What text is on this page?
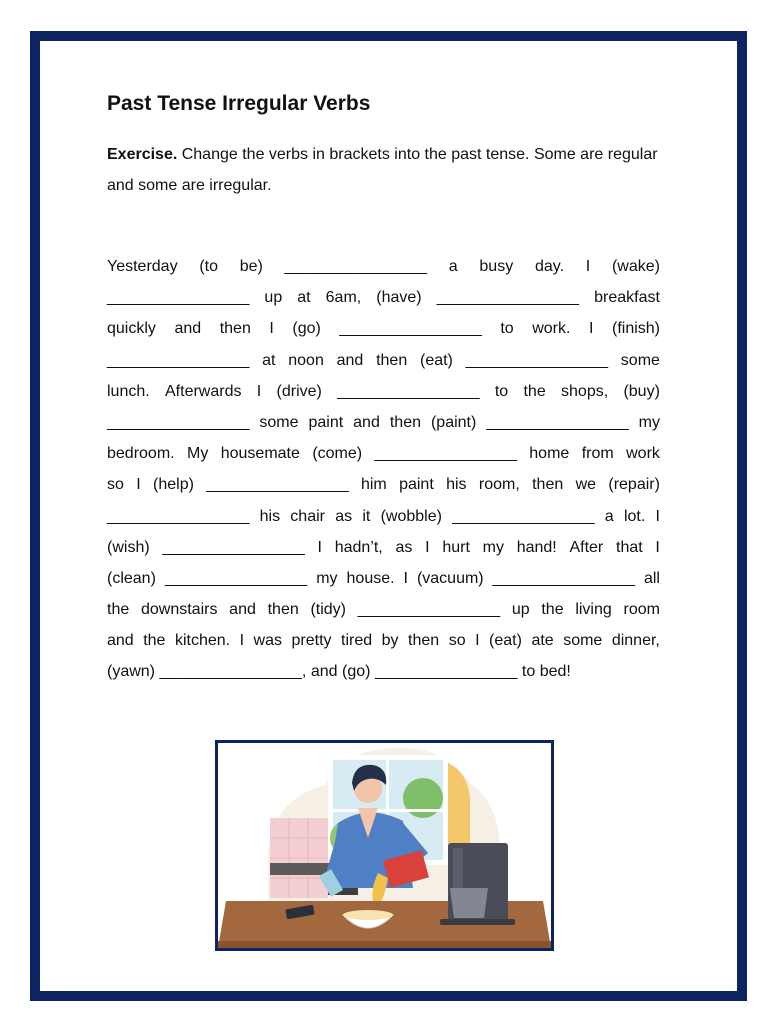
Past Tense Irregular Verbs

Exercise. Change the verbs in brackets into the past tense. Some are regular and some are irregular.

Yesterday (to be) ________________ a busy day. I (wake)
________________ up at 6am, (have) ________________ breakfast
quickly and then I (go) ________________ to work. I (finish)
________________ at noon and then (eat) ________________ some
lunch. Afterwards I (drive) ________________ to the shops, (buy)
________________ some paint and then (paint) ________________ my
bedroom. My housemate (come) ________________ home from work
so I (help) ________________ him paint his room, then we (repair)
________________ his chair as it (wobble) ________________ a lot. I
(wish) ________________ I hadn’t, as I hurt my hand! After that I
(clean) ________________ my house. I (vacuum) ________________ all
the downstairs and then (tidy) ________________ up the living room
and the kitchen. I was pretty tired by then so I (eat) ate some dinner,
(yawn) ________________, and (go) ________________ to bed!
